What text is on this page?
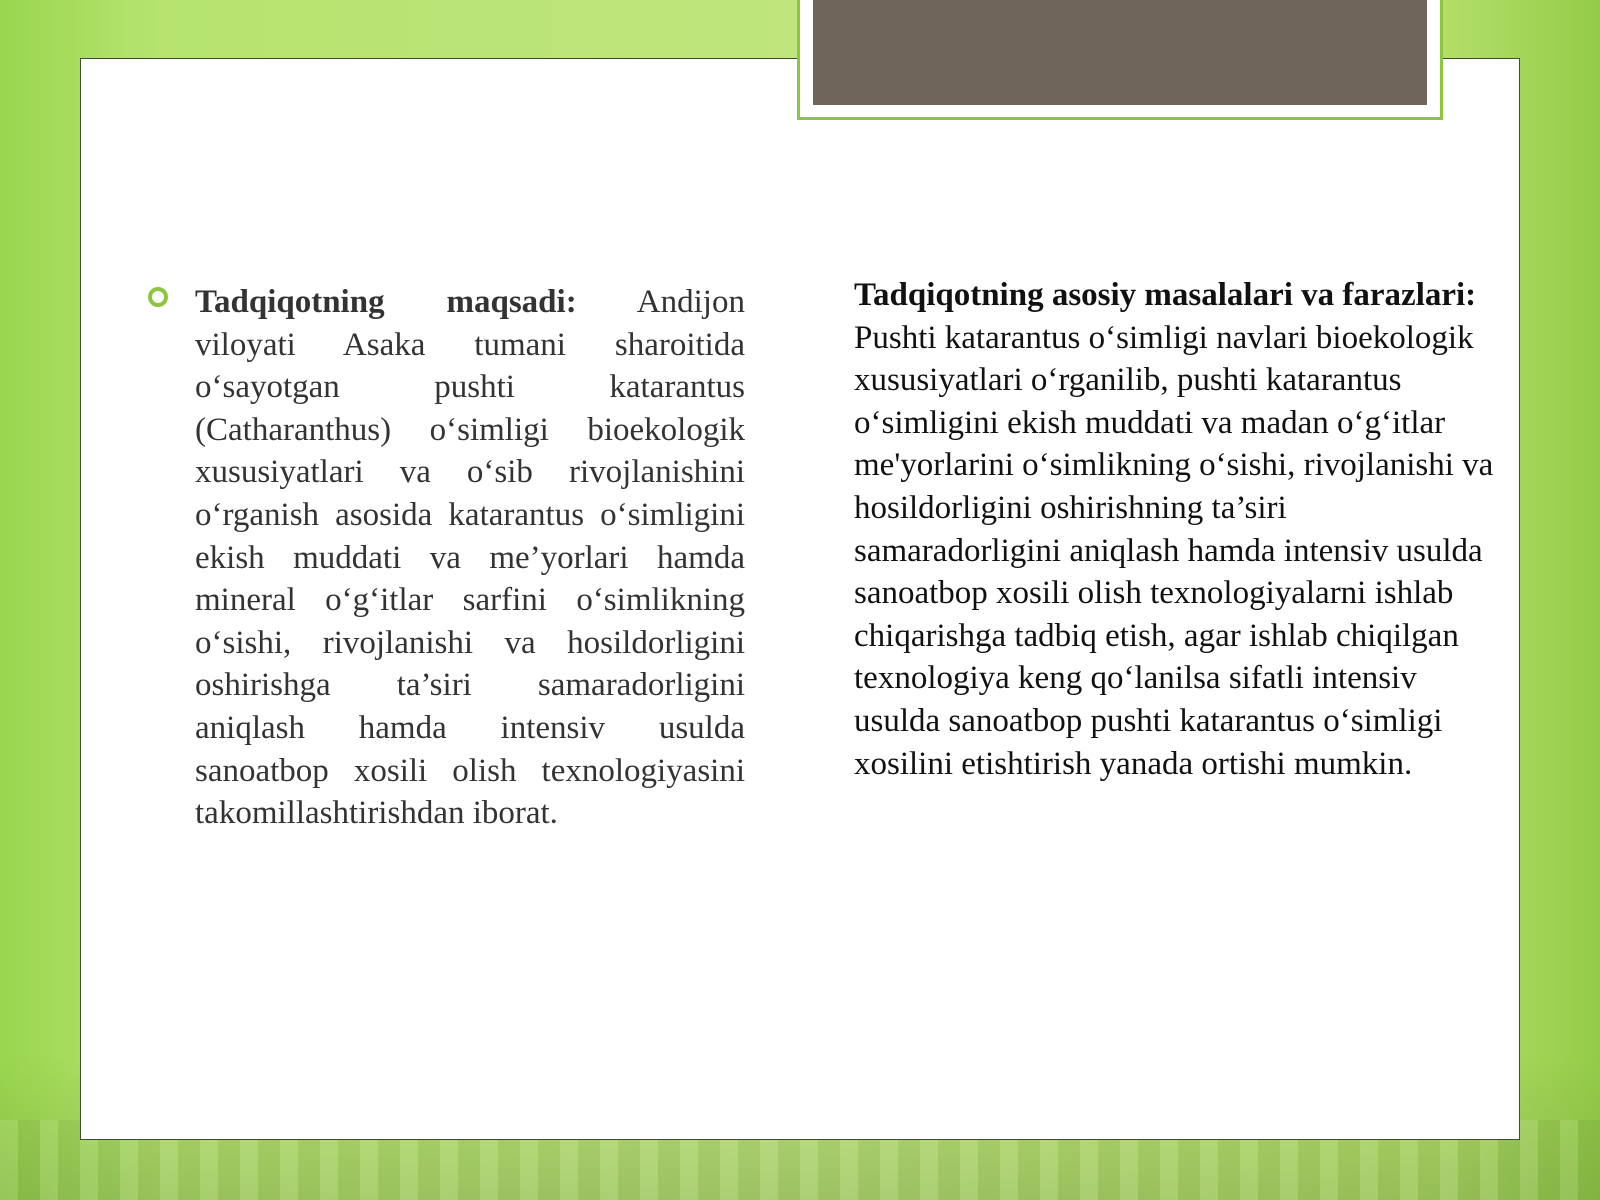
Tadqiqotning maqsadi: Andijon viloyati Asaka tumani sharoitida o‘sayotgan pushti katarantus (Catharanthus) o‘simligi bioekologik xususiyatlari va o‘sib rivojlanishini o‘rganish asosida katarantus o‘simligini ekish muddati va me’yorlari hamda mineral o‘g‘itlar sarfini o‘simlikning o‘sishi, rivojlanishi va hosildorligini oshirishga ta’siri samaradorligini aniqlash hamda intensiv usulda sanoatbop xosili olish texnologiyasini takomillashtirishdan iborat.
Tadqiqotning asosiy masalalari va farazlari: Pushti katarantus o‘simligi navlari bioekologik xususiyatlari o‘rganilib, pushti katarantus o‘simligini ekish muddati va madan o‘g‘itlar me'yorlarini o‘simlikning o‘sishi, rivojlanishi va hosildorligini oshirishning ta’siri samaradorligini aniqlash hamda intensiv usulda sanoatbop xosili olish texnologiyalarni ishlab chiqarishga tadbiq etish, agar ishlab chiqilgan texnologiya keng qo‘lanilsa sifatli intensiv usulda sanoatbop pushti katarantus o‘simligi xosilini etishtirish yanada ortishi mumkin.
